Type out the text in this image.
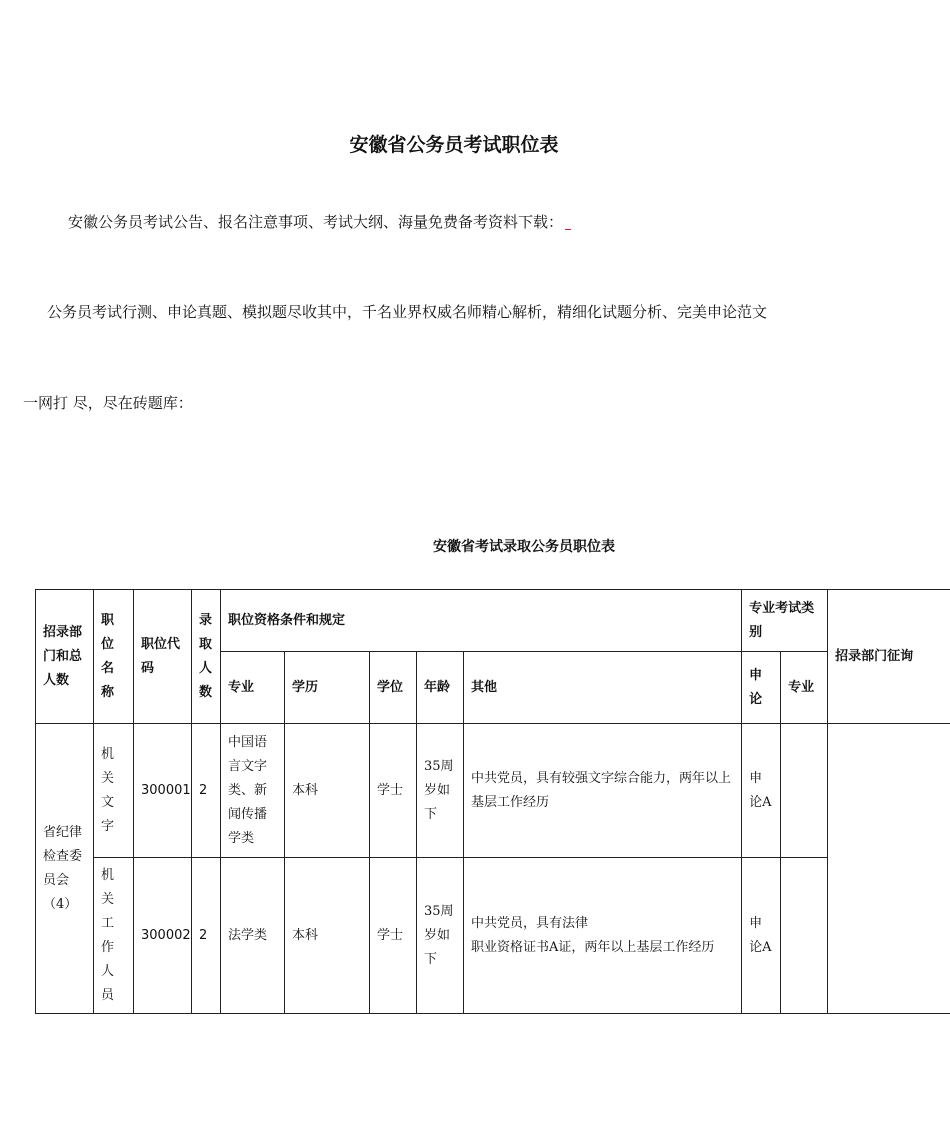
安徽省公务员考试职位表
安徽公务员考试公告、报名注意事项、考试大纲、海量免费备考资料下载：
公务员考试行测、申论真题、模拟题尽收其中，千名业界权威名师精心解析，精细化试题分析、完美申论范文
一网打 尽，尽在砖题库：
安徽省考试录取公务员职位表
招录部门和总人数	职位名称	职位代码	录取人数	职位资格条件和规定					专业考试类别		招录部门征询
				专业	学历	学位	年龄	其他	申论	专业	
省纪律检查委员会（4）	机关文字	300001	2	中国语言文字类、新闻传播学类	本科	学士	35周岁如下	中共党员，具有较强文字综合能力，两年以上基层工作经历	申论A		
	机关工作人员	300002	2	法学类	本科	学士	35周岁如下	中共党员，具有法律
职业资格证书A证，两年以上基层工作经历	申论A		
